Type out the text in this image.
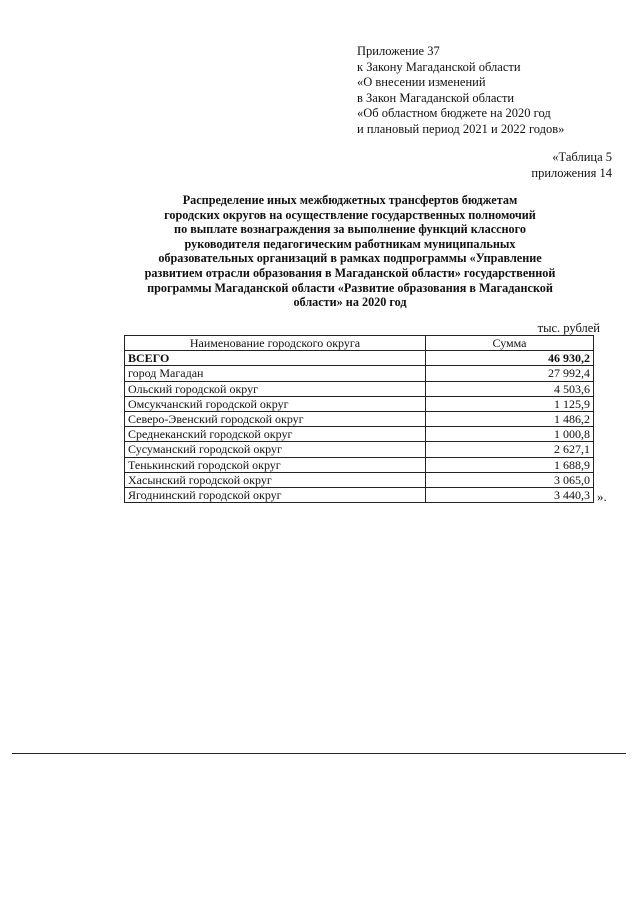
Приложение 37
к Закону Магаданской области
«О внесении изменений
в Закон Магаданской области
«Об областном бюджете на 2020 год
и плановый период 2021 и 2022 годов»
«Таблица 5
приложения 14
Распределение иных межбюджетных трансфертов бюджетам
городских округов на осуществление государственных полномочий
по выплате вознаграждения за выполнение функций классного
руководителя педагогическим работникам муниципальных
образовательных организаций в рамках подпрограммы «Управление
развитием отрасли образования в Магаданской области» государственной
программы Магаданской области «Развитие образования в Магаданской
области» на 2020 год
тыс. рублей
Наименование городского округа	Сумма
ВСЕГО	46 930,2
город Магадан	27 992,4
Ольский городской округ	4 503,6
Омсукчанский городской округ	1 125,9
Северо-Эвенский городской округ	1 486,2
Среднеканский городской округ	1 000,8
Сусуманский городской округ	2 627,1
Тенькинский городской округ	1 688,9
Хасынский городской округ	3 065,0
Ягоднинский городской округ	3 440,3 ».
